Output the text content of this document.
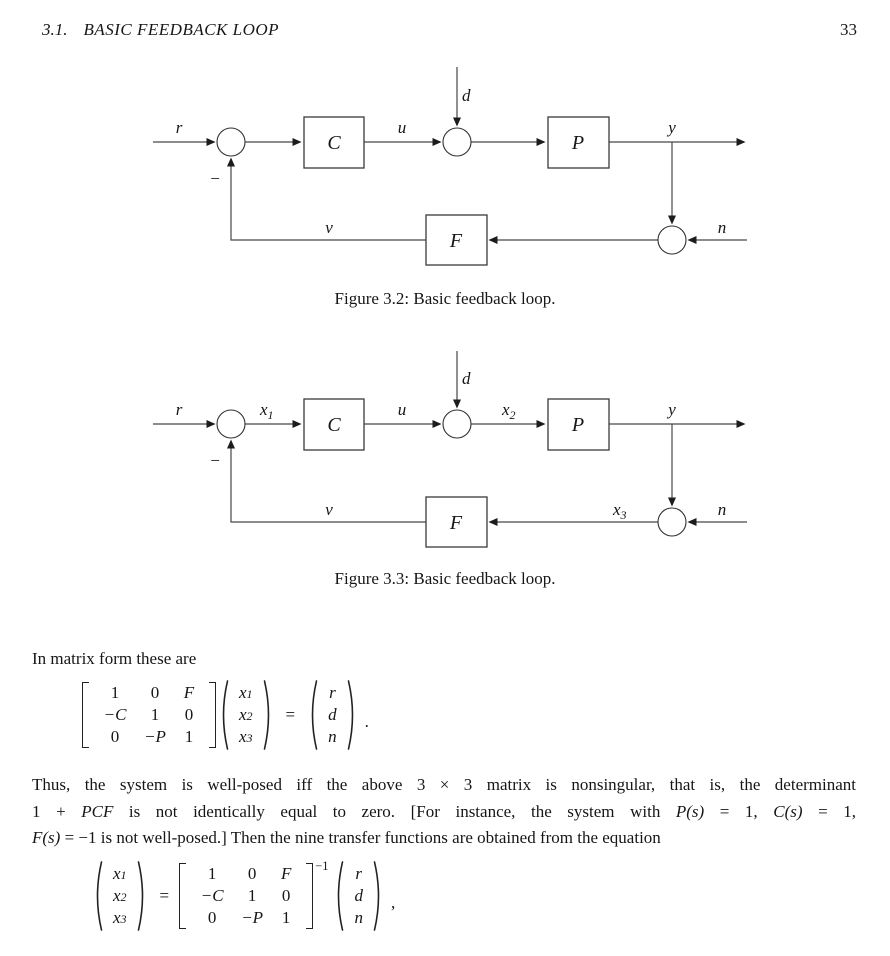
3.1. BASIC FEEDBACK LOOP	33
C	P
F
r
−
u
d
y
n
v
Figure 3.2: Basic feedback loop.
C	P
F
r
−
$x_1$	u
d
$x_2$	y
$x_3$	n
v
Figure 3.3: Basic feedback loop.
In matrix form these are
1 0 F
−C 1 0
0 −P 1
x 1
x 2
x 3
=
r
d
n
.
Thus, the system is well-posed iff the above 3 × 3 matrix is nonsingular, that is, the determinant
1 + PCF is not identically equal to zero. [For instance, the system with P(s) = 1, C(s) = 1,
F(s) = −1 is not well-posed.] Then the nine transfer functions are obtained from the equation
x 1
x 2
x 3
=
1 0 F
−C 1 0
0 −P 1
−1	r
d
n
,
